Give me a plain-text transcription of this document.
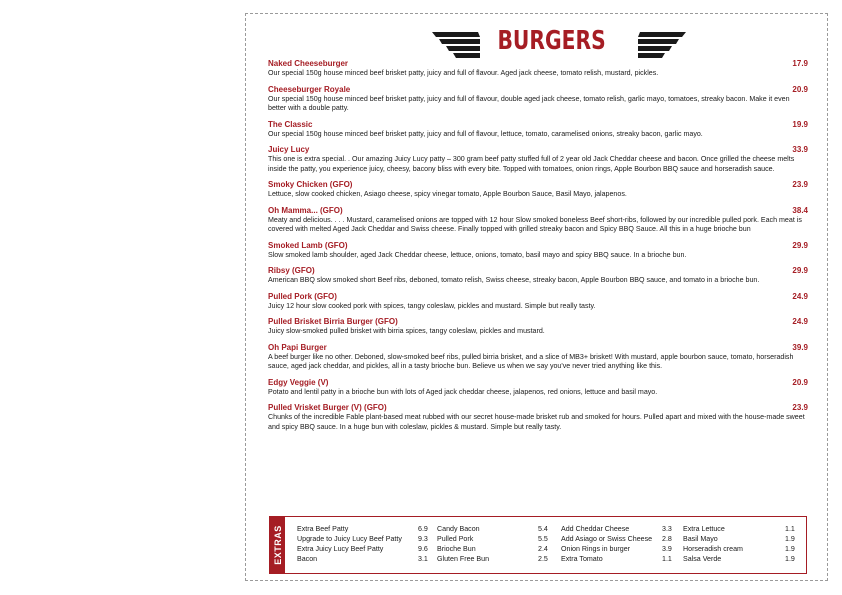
BURGERS
Naked Cheeseburger	17.9
Our special 150g house minced beef brisket patty, juicy and full of flavour. Aged jack cheese, tomato relish, mustard, pickles.
Cheeseburger Royale	20.9
Our special 150g house minced beef brisket patty, juicy and full of flavour, double aged jack cheese, tomato relish, garlic mayo, tomatoes, streaky bacon. Make it even better with a double patty.
The Classic	19.9
Our special 150g house minced beef brisket patty, juicy and full of flavour, lettuce, tomato, caramelised onions, streaky bacon, garlic mayo.
Juicy Lucy	33.9
This one is extra special. . Our amazing Juicy Lucy patty – 300 gram beef patty stuffed full of 2 year old Jack Cheddar cheese and bacon. Once grilled the cheese melts inside the patty, you experience juicy, cheesy, bacony bliss with every bite. Topped with tomatoes, onion rings, Apple Bourbon BBQ sauce and horseradish sauce.
Smoky Chicken (GFO)	23.9
Lettuce, slow cooked chicken, Asiago cheese, spicy vinegar tomato, Apple Bourbon Sauce, Basil Mayo, jalapenos.
Oh Mamma... (GFO)	38.4
Meaty and delicious. . . . Mustard, caramelised onions are topped with 12 hour Slow smoked boneless Beef short-ribs, followed by our incredible pulled pork. Each meat is covered with melted Aged Jack Cheddar and Swiss cheese. Finally topped with grilled streaky bacon and Spicy BBQ Sauce. All this in a huge brioche bun
Smoked Lamb (GFO)	29.9
Slow smoked lamb shoulder, aged Jack Cheddar cheese, lettuce, onions, tomato, basil mayo and spicy BBQ sauce. In a brioche bun.
Ribsy (GFO)	29.9
American BBQ slow smoked short Beef ribs, deboned, tomato relish, Swiss cheese, streaky bacon, Apple Bourbon BBQ sauce, and tomato in a brioche bun.
Pulled Pork (GFO)	24.9
Juicy 12 hour slow cooked pork with spices, tangy coleslaw, pickles and mustard. Simple but really tasty.
Pulled Brisket Birria Burger (GFO)	24.9
Juicy slow-smoked pulled brisket with birria spices, tangy coleslaw, pickles and mustard.
Oh Papi Burger	39.9
A beef burger like no other. Deboned, slow-smoked beef ribs, pulled birria brisket, and a slice of MB3+ brisket! With mustard, apple bourbon sauce, tomato, horseradish sauce, aged jack cheddar, and pickles, all in a tasty brioche bun. Believe us when we say you've never tried anything like this.
Edgy Veggie (V)	20.9
Potato and lentil patty in a brioche bun with lots of Aged jack cheddar cheese, jalapenos, red onions, lettuce and basil mayo.
Pulled Vrisket Burger (V) (GFO)	23.9
Chunks of the incredible Fable plant-based meat rubbed with our secret house-made brisket rub and smoked for hours. Pulled apart and mixed with the house-made sweet and spicy BBQ sauce. In a huge bun with coleslaw, pickles & mustard. Simple but really tasty.
EXTRAS Extra Beef Patty	6.9
Upgrade to Juicy Lucy Beef Patty 9.3
Extra Juicy Lucy Beef Patty	9.6
Bacon	3.1
Candy Bacon	5.4
Pulled Pork	5.5
Brioche Bun	2.4
Gluten Free Bun	2.5
Add Cheddar Cheese	3.3
Add Asiago or Swiss Cheese 2.8
Onion Rings in burger	3.9
Extra Tomato	1.1
Extra Lettuce	1.1
Basil Mayo	1.9
Horseradish cream	1.9
Salsa Verde	1.9
